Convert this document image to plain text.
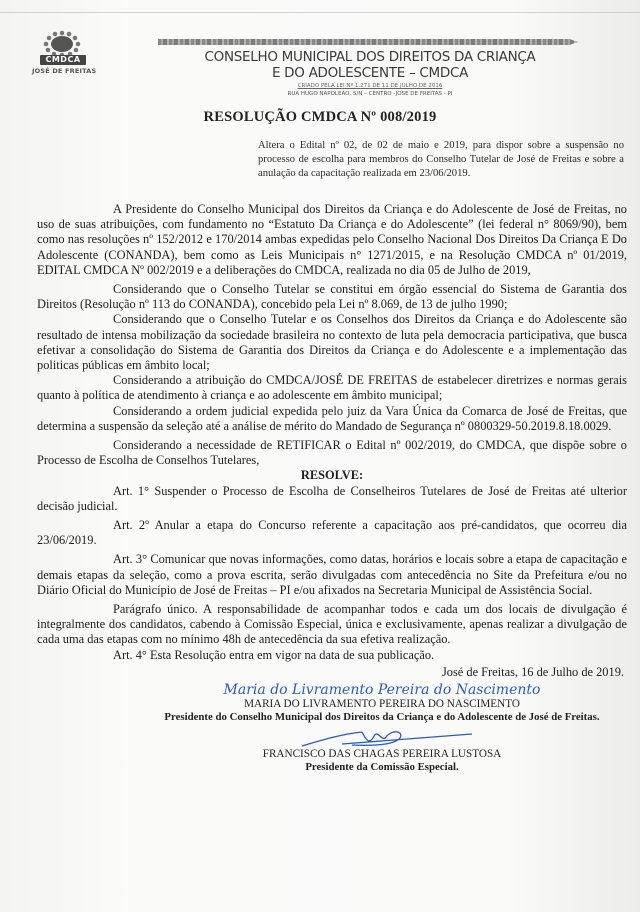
CMDCA
JOSÉ DE FREITAS
CONSELHO MUNICIPAL DOS DIREITOS DA CRIANÇA
E DO ADOLESCENTE – CMDCA
CRIADO PELA LEI Nº 1.271 DE 11 DE JULHO DE 2016
RUA HUGO NAPOLEÃO, S/N – CENTRO -JOSE DE FREITAS - PI
RESOLUÇÃO CMDCA Nº 008/2019
Altera o Edital nº 02, de 02 de maio e 2019, para dispor sobre a suspensão no processo de escolha para membros do Conselho Tutelar de José de Freitas e sobre a anulação da capacitação realizada em 23/06/2019.

A Presidente do Conselho Municipal dos Direitos da Criança e do Adolescente de José de Freitas, no uso de suas atribuições, com fundamento no “Estatuto Da Criança e do Adolescente” (lei federal n° 8069/90), bem como nas resoluções nº 152/2012 e 170/2014 ambas expedidas pelo Conselho Nacional Dos Direitos Da Criança E Do Adolescente (CONANDA), bem como as Leis Municipais n° 1271/2015, e na Resolução CMDCA nº 01/2019, EDITAL CMDCA Nº 002/2019 e a deliberações do CMDCA, realizada no dia 05 de Julho de 2019,

Considerando que o Conselho Tutelar se constitui em órgão essencial do Sistema de Garantia dos Direitos (Resolução nº 113 do CONANDA), concebido pela Lei nº 8.069, de 13 de julho 1990;

Considerando que o Conselho Tutelar e os Conselhos dos Direitos da Criança e do Adolescente são resultado de intensa mobilização da sociedade brasileira no contexto de luta pela democracia participativa, que busca efetivar a consolidação do Sistema de Garantia dos Direitos da Criança e do Adolescente e a implementação das politicas públicas em âmbito local;

Considerando a atribuição do CMDCA/JOSÉ DE FREITAS de estabelecer diretrizes e normas gerais quanto à política de atendimento à criança e ao adolescente em âmbito municipal;

Considerando a ordem judicial expedida pelo juiz da Vara Única da Comarca de José de Freitas, que determina a suspensão da seleção até a análise de mérito do Mandado de Segurança nº 0800329-50.2019.8.18.0029.

Considerando a necessidade de RETIFICAR o Edital nº 002/2019, do CMDCA, que dispõe sobre o Processo de Escolha de Conselhos Tutelares,

RESOLVE:

Art. 1° Suspender o Processo de Escolha de Conselheiros Tutelares de José de Freitas até ulterior decisão judicial.

Art. 2º Anular a etapa do Concurso referente a capacitação aos pré-candidatos, que ocorreu dia 23/06/2019.

Art. 3° Comunicar que novas informações, como datas, horários e locais sobre a etapa de capacitação e demais etapas da seleção, como a prova escrita, serão divulgadas com antecedência no Site da Prefeitura e/ou no Diário Oficial do Município de José de Freitas – PI e/ou afixados na Secretaria Municipal de Assistência Social.

Parágrafo único. A responsabilidade de acompanhar todos e cada um dos locais de divulgação é integralmente dos candidatos, cabendo à Comissão Especial, única e exclusivamente, apenas realizar a divulgação de cada uma das etapas com no mínimo 48h de antecedência da sua efetiva realização.

Art. 4° Esta Resolução entra em vigor na data de sua publicação.

José de Freitas, 16 de Julho de 2019.
Maria do Livramento Pereira do Nascimento
MARIA DO LIVRAMENTO PEREIRA DO NASCIMENTO
Presidente do Conselho Municipal dos Direitos da Criança e do Adolescente de José de Freitas.
FRANCISCO DAS CHAGAS PEREIRA LUSTOSA
Presidente da Comissão Especial.
